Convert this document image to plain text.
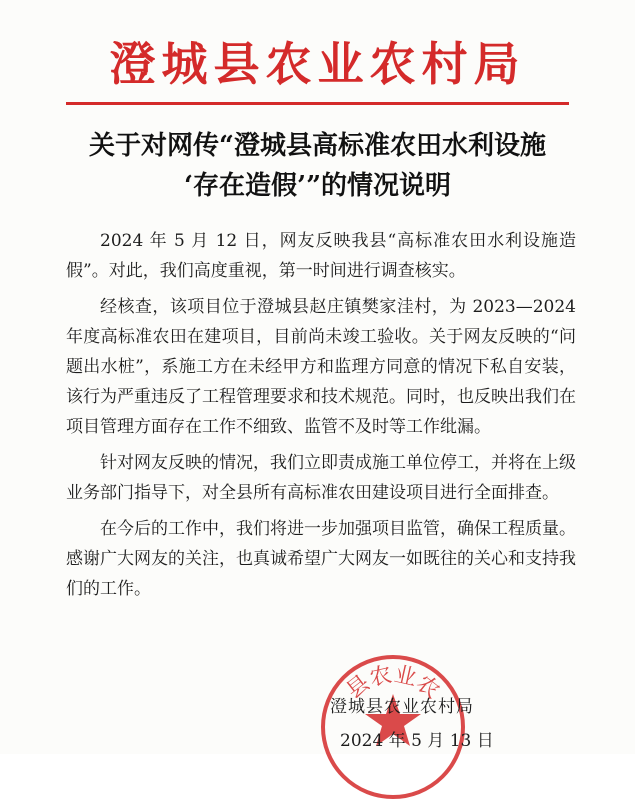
澄城县农业农村局
关于对网传“澄城县高标准农田水利设施
‘存在造假’”的情况说明

2024 年 5 月 12 日，网友反映我县“高标准农田水利设施造假”。对此，我们高度重视，第一时间进行调查核实。

经核查，该项目位于澄城县赵庄镇樊家洼村，为 2023—2024 年度高标准农田在建项目，目前尚未竣工验收。关于网友反映的“问题出水桩”，系施工方在未经甲方和监理方同意的情况下私自安装，该行为严重违反了工程管理要求和技术规范。同时，也反映出我们在项目管理方面存在工作不细致、监管不及时等工作纰漏。

针对网友反映的情况，我们立即责成施工单位停工，并将在上级业务部门指导下，对全县所有高标准农田建设项目进行全面排查。

在今后的工作中，我们将进一步加强项目监管，确保工程质量。感谢广大网友的关注，也真诚希望广大网友一如既往的关心和支持我们的工作。

县农业农
澄城县农业农村局
2024 年 5 月 13 日
